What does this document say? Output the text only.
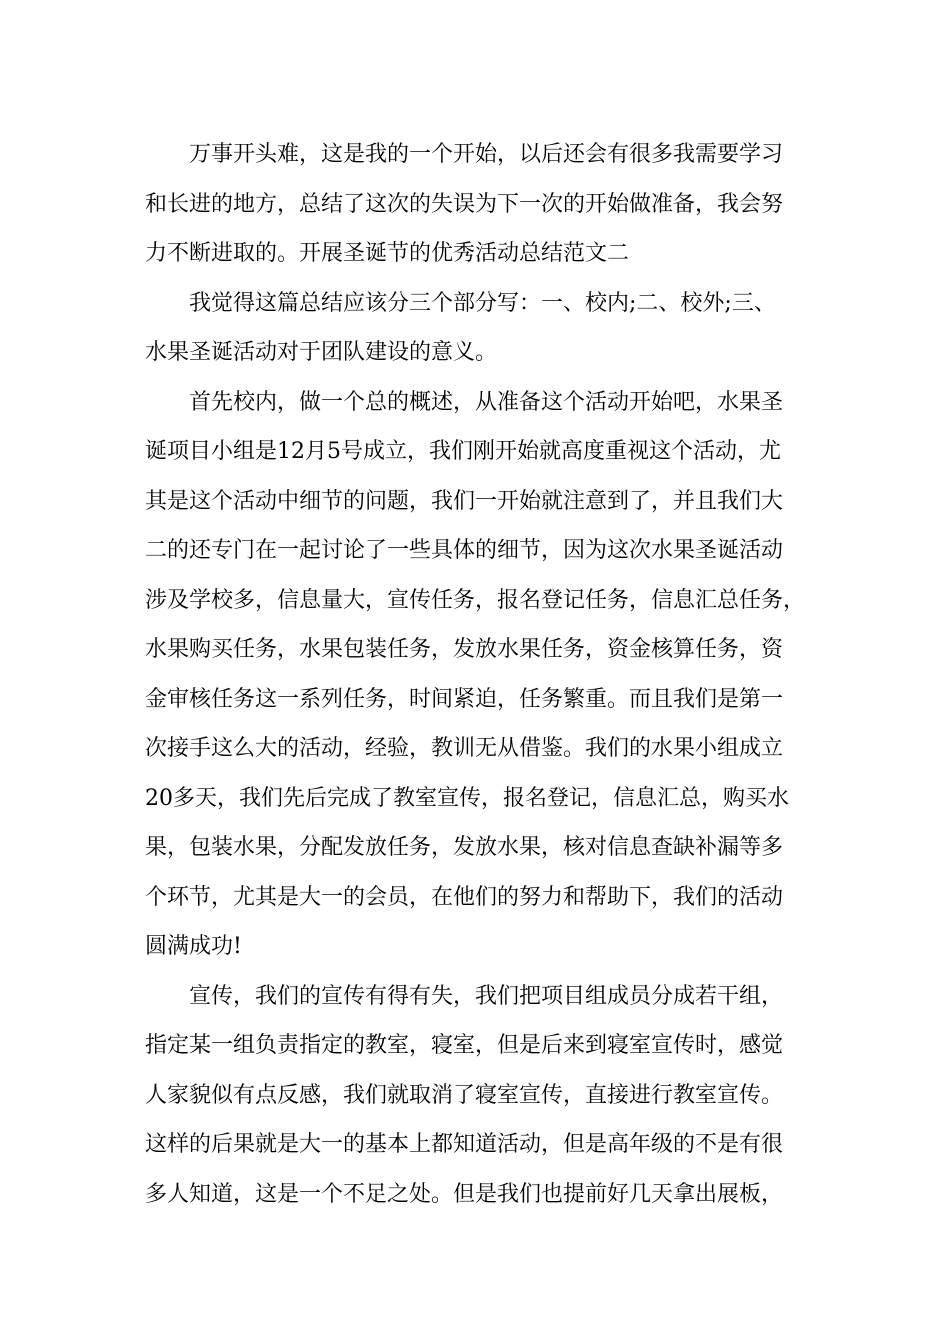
万事开头难，这是我的一个开始，以后还会有很多我需要学习
和长进的地方，总结了这次的失误为下一次的开始做准备，我会努
力不断进取的。开展圣诞节的优秀活动总结范文二
我觉得这篇总结应该分三个部分写：一、校内;二、校外;三、
水果圣诞活动对于团队建设的意义。
首先校内，做一个总的概述，从准备这个活动开始吧，水果圣
诞项目小组是12月5号成立，我们刚开始就高度重视这个活动，尤
其是这个活动中细节的问题，我们一开始就注意到了，并且我们大
二的还专门在一起讨论了一些具体的细节，因为这次水果圣诞活动
涉及学校多，信息量大，宣传任务，报名登记任务，信息汇总任务，
水果购买任务，水果包装任务，发放水果任务，资金核算任务，资
金审核任务这一系列任务，时间紧迫，任务繁重。而且我们是第一
次接手这么大的活动，经验，教训无从借鉴。我们的水果小组成立
20多天，我们先后完成了教室宣传，报名登记，信息汇总，购买水
果，包装水果，分配发放任务，发放水果，核对信息查缺补漏等多
个环节，尤其是大一的会员，在他们的努力和帮助下，我们的活动
圆满成功!
宣传，我们的宣传有得有失，我们把项目组成员分成若干组，
指定某一组负责指定的教室，寝室，但是后来到寝室宣传时，感觉
人家貌似有点反感，我们就取消了寝室宣传，直接进行教室宣传。
这样的后果就是大一的基本上都知道活动，但是高年级的不是有很
多人知道，这是一个不足之处。但是我们也提前好几天拿出展板，
